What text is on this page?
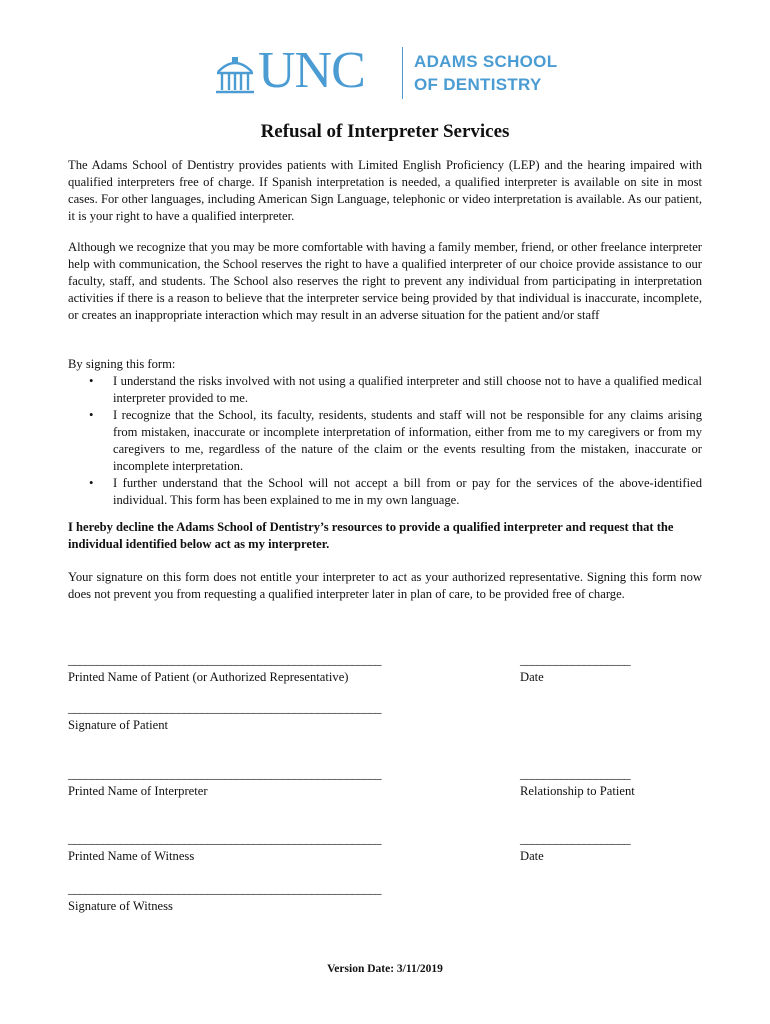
UNC	ADAMS SCHOOL
OF DENTISTRY
Refusal of Interpreter Services

The Adams School of Dentistry provides patients with Limited English Proficiency (LEP) and the hearing impaired with qualified interpreters free of charge. If Spanish interpretation is needed, a qualified interpreter is available on site in most cases. For other languages, including American Sign Language, telephonic or video interpretation is available. As our patient, it is your right to have a qualified interpreter.

Although we recognize that you may be more comfortable with having a family member, friend, or other freelance interpreter help with communication, the School reserves the right to have a qualified interpreter of our choice provide assistance to our faculty, staff, and students. The School also reserves the right to prevent any individual from participating in interpretation activities if there is a reason to believe that the interpreter service being provided by that individual is inaccurate, incomplete, or creates an inappropriate interaction which may result in an adverse situation for the patient and/or staff

By signing this form:

• I understand the risks involved with not using a qualified interpreter and still choose not to have a qualified medical interpreter provided to me.
• I recognize that the School, its faculty, residents, students and staff will not be responsible for any claims arising from mistaken, inaccurate or incomplete interpretation of information, either from me to my caregivers or from my caregivers to me, regardless of the nature of the claim or the events resulting from the mistaken, inaccurate or incomplete interpretation.
• I further understand that the School will not accept a bill from or pay for the services of the above-identified individual. This form has been explained to me in my own language.

I hereby decline the Adams School of Dentistry’s resources to provide a qualified interpreter and request that the individual identified below act as my interpreter.

Your signature on this form does not entitle your interpreter to act as your authorized representative. Signing this form now does not prevent you from requesting a qualified interpreter later in plan of care, to be provided free of charge.

______________________________________________________
Printed Name of Patient (or Authorized Representative)
___________________
Date
______________________________________________________
Signature of Patient
______________________________________________________
Printed Name of Interpreter
___________________
Relationship to Patient
______________________________________________________
Printed Name of Witness
___________________
Date
______________________________________________________
Signature of Witness
Version Date: 3/11/2019
